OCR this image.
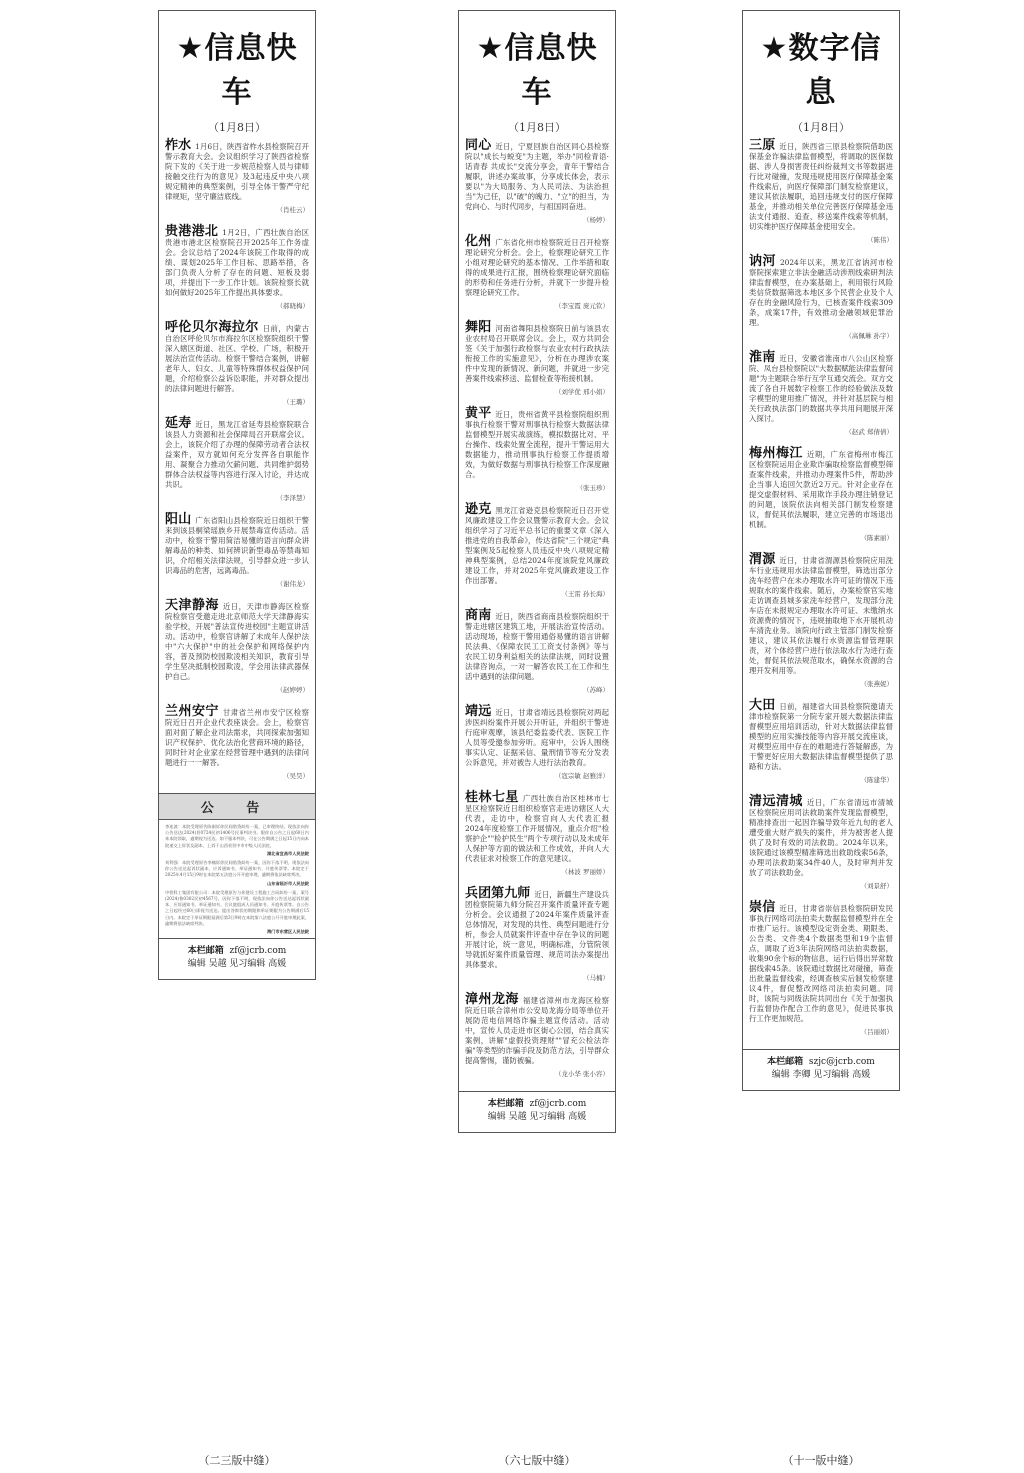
★信息快车
（1月8日）
柞水 1月6日，陕西省柞水县检察院召开警示教育大会。会议组织学习了陕西省检察院下发的《关于进一步规范检察人员与律师接触交往行为的意见》及3起违反中央八项规定精神的典型案例，引导全体干警严守纪律规矩，坚守廉洁底线。
（肖桂云）
贵港港北 1月2日，广西壮族自治区贵港市港北区检察院召开2025年工作务虚会。会议总结了2024年该院工作取得的成绩、谋划2025年工作目标、思路举措，各部门负责人分析了存在的问题、短板及弱项，并提出下一步工作计划。该院检察长就如何做好2025年工作提出具体要求。
（郝晓梅）
呼伦贝尔海拉尔 日前，内蒙古自治区呼伦贝尔市海拉尔区检察院组织干警深入辖区街道、社区、学校、广场，积极开展法治宣传活动。检察干警结合案例，讲解老年人、妇女、儿童等特殊群体权益保护问题，介绍检察公益诉讼职能，并对群众提出的法律问题进行解答。
（王璐）
延寿 近日，黑龙江省延寿县检察院联合该县人力资源和社会保障局召开联席会议。会上，该院介绍了办理的保障劳动者合法权益案件，双方就如何充分发挥各自职能作用、凝聚合力推动欠薪问题、共同维护弱势群体合法权益等内容进行深入讨论，并达成共识。
（李泽慧）
阳山 广东省阳山县检察院近日组织干警来到该县桐梁瑶族乡开展禁毒宣传活动。活动中，检察干警用简洁易懂的语言向群众讲解毒品的种类、如何辨识新型毒品等禁毒知识，介绍相关法律法规，引导群众进一步认识毒品的危害，远离毒品。
（谢伟龙）
天津静海 近日，天津市静海区检察院检察官受邀走进北京师范大学天津静海实验学校，开展"普法宣传进校园"主题宣讲活动。活动中，检察官讲解了未成年人保护法中"六大保护"中的社会保护和网络保护内容，普及预防校园欺凌相关知识，教育引导学生坚决抵制校园欺凌，学会用法律武器保护自己。
（赵婷婷）
兰州安宁 甘肃省兰州市安宁区检察院近日召开企业代表座谈会。会上，检察官面对面了解企业司法需求，共同探索加强知识产权保护、优化法治化营商环境的路径，同时针对企业家在经营管理中遇到的法律问题进行一一解答。
（吴昊）
公 告
李连波：本院受理原告陈刚诉你民间借贷纠纷一案，已审理终结。现依法向你公告送达(2024)晋0724民初1406号民事判决书。限你自公告之日起60日内来本院领取，逾期视为送达。如不服本判决，可在公告期满之日起15日内向本院递交上诉状及副本，上诉于山西省晋中市中级人民法院。
湖北省宜昌市人民法院
刘利强：本院受理原告李楠诉你民间借贷纠纷一案，因你下落不明，现依法向你公告送达起诉状副本、应诉通知书、举证通知书、开庭传票等。本院定于2025年4月15日9时在本院第五法庭公开开庭审理，逾期将依法缺席判决。
山东省临沂市人民法院
中铁科工集团有限公司：本院受理原告与你建设工程施工合同纠纷一案，案号(2024)鲁0302民初4567号，因你下落不明，现依法向你公告送达起诉状副本、应诉通知书、举证通知书、合议庭组成人员通知书、开庭传票等。自公告之日起经过60日即视为送达。提出答辩状的期限和举证期限为公告期满后15日内。本院定于举证期限届满后第3日9时在本院第八法庭公开开庭审理此案，逾期将依法缺席判决。
海门市东营区人民法院
本栏邮箱 zf@jcrb.com
编辑 吴越 见习编辑 高媛
（二三版中缝）
★信息快车
（1月8日）
同心 近日，宁夏回族自治区同心县检察院以"成长与蜕变"为主题，举办"同检青语·话青春 共成长"交流分享会，青年干警结合履职，讲述办案故事，分享成长体会，表示要以"为大局服务、为人民司法、为法治担当"为己任，以"破"的魄力、"立"的担当，为党向心、与时代同步，与祖国同奋进。
（杨婷）
化州 广东省化州市检察院近日召开检察理论研究分析会。会上，检察理论研究工作小组对理论研究的基本情况、工作举措和取得的成果进行汇报，围绕检察理论研究面临的形势和任务进行分析，并就下一步提升检察理论研究工作。
（李宝霞 庞元钦）
舞阳 河南省舞阳县检察院日前与该县农业农村局召开联席会议。会上，双方共同会签《关于加强行政检察与农业农村行政执法衔接工作的实施意见》，分析在办理涉农案件中发现的新情况、新问题，并就进一步完善案件线索移送、监督检查等衔接机制。
（刘学优 邢小娟）
黄平 近日，贵州省黄平县检察院组织刑事执行检察干警对刑事执行检察大数据法律监督模型开展实战演练，模拟数据比对、平台操作、线索处置全流程，提升干警运用大数据能力，推动刑事执行检察工作提质增效，为做好数据与刑事执行检察工作深度融合。
（张玉珍）
逊克 黑龙江省逊克县检察院近日召开党风廉政建设工作会议暨警示教育大会。会议组织学习了习近平总书记的重要文章《深入推进党的自我革命》，传达省院"三个规定"典型案例及5起检察人员违反中央八项规定精神典型案例，总结2024年度该院党风廉政建设工作，并对2025年党风廉政建设工作作出部署。
（王雷 孙长海）
商南 近日，陕西省商南县检察院组织干警走进辖区建筑工地，开展法治宣传活动。活动现场，检察干警用通俗易懂的语言讲解民法典、《保障农民工工资支付条例》等与农民工切身利益相关的法律法规，同时设置法律咨询点，一对一解答农民工在工作和生活中遇到的法律问题。
（苏峰）
靖远 近日，甘肃省靖远县检察院对两起涉医纠纷案件开展公开听证，并组织干警进行庭审观摩，该县纪委监委代表、医院工作人员等受邀参加旁听。庭审中，公诉人围绕事实认定、证据采信、量刑情节等充分发表公诉意见，并对被告人进行法治教育。
（寇宗敏 赵雅洋）
桂林七星 广西壮族自治区桂林市七星区检察院近日组织检察官走进访辖区人大代表，走访中，检察官向人大代表汇报2024年度检察工作开展情况，重点介绍"检察护企""检护民生"两个专项行动以及未成年人保护等方面的做法和工作成效，并向人大代表征求对检察工作的意见建议。
（林波 罗丽娇）
兵团第九师 近日，新疆生产建设兵团检察院第九师分院召开案件质量评查专题分析会。会议通报了2024年案件质量评查总体情况，对发现的共性、典型问题进行分析，参会人员就案件评查中存在争议的问题开展讨论，统一意见，明确标准，分管院领导就抓好案件质量管理、规范司法办案提出具体要求。
（马楠）
漳州龙海 福建省漳州市龙海区检察院近日联合漳州市公安局龙海分局等单位开展防范电信网络诈骗主题宣传活动。活动中，宣传人员走进市区街心公园，结合真实案例，讲解"虚假投资理财""冒充公检法诈骗"等类型的诈骗手段及防范方法，引导群众提高警惕，谨防被骗。
（龙小华 张小容）
本栏邮箱 zf@jcrb.com
编辑 吴越 见习编辑 高媛
（六七版中缝）
★数字信息
（1月8日）
三原 近日，陕西省三原县检察院借助医保基金诈骗法律监督模型，将调取的医保数据、涉人身损害责任纠纷裁判文书等数据进行比对碰撞，发现违规使用医疗保障基金案件线索后，向医疗保障部门制发检察建议，建议其依法履职，追回违规支付的医疗保障基金，并推动相关单位完善医疗保障基金违法支付通报、追查、移送案件线索等机制，切实维护医疗保障基金使用安全。
（陈伟）
讷河 2024年以来，黑龙江省讷河市检察院探索建立非法金融活动涉刑线索研判法律监督模型，在办案基础上，利用银行风险类信贷数据筛选本地区多个民营企业及个人存在的金融风险行为，已核查案件线索309条，成案17件，有效推动金融领域犯罪治理。
（高佩琳 孙宇）
淮南 近日，安徽省淮南市八公山区检察院、凤台县检察院以"大数据赋能法律监督问题"为主题联合举行互学互通交流会。双方交流了各自开展数字检察工作的经验做法及数字模型的建用推广情况，并针对基层院与相关行政执法部门的数据共享共用问题展开深入探讨。
（赵武 郑倩倩）
梅州梅江 近期，广东省梅州市梅江区检察院运用企业欺诈骗取检察监督模型筛查案件线索，并推动办理案件5件，帮助涉企当事人追回欠款近2万元。针对企业存在提交虚假材料、采用欺诈手段办理注销登记的问题，该院依法向相关部门制发检察建议，督促其依法履职，建立完善的市场退出机制。
（陈素丽）
渭源 近日，甘肃省渭源县检察院应用洗车行业违规用水法律监督模型，筛选出部分洗车经营户在未办理取水许可证的情况下违规取水的案件线索。随后，办案检察官实地走访调查县城多家洗车经营户，发现部分洗车店在未报规定办理取水许可证、未缴纳水资源费的情况下，违规抽取地下水开展机动车清洗业务。该院向行政主管部门制发检察建议，建议其依法履行水资源监督管理职责，对个体经营户进行依法取水行为进行查处，督促其依法规范取水，确保水资源的合理开发利用等。
（张燕妮）
大田 日前，福建省大田县检察院邀请天津市检察院第一分院专家开展大数据法律监督模型应用培训活动，针对大数据法律监督模型的应用实操技能等内容开展交流座谈，对模型应用中存在的难题进行答疑解惑，为干警更好应用大数据法律监督模型提供了思路和方法。
（陈建华）
清远清城 近日，广东省清远市清城区检察院应用司法救助案件发现监督模型，精准排查出一起因诈骗导致年近九旬的老人遭受重大财产损失的案件，并为被害老人提供了及时有效的司法救助。2024年以来，该院通过该模型精准筛选出救助线索56条，办理司法救助案34件40人，及时审判并发放了司法救助金。
（刘景舒）
崇信 近日，甘肃省崇信县检察院研发民事执行网络司法拍卖大数据监督模型并在全市推广运行。该模型设定资金类、期限类、公告类、文件类4个数据类型和19个监督点，调取了近3年法院网络司法拍卖数据，收集90余个标的物信息，运行后得出异常数据线索45条。该院通过数据比对碰撞，筛查出批量监督线索，经调查核实后制发检察建议4件，督促整改网络司法拍卖问题。同时，该院与同级法院共同出台《关于加强执行监督协作配合工作的意见》，促进民事执行工作更加规范。
（吕丽娟）
本栏邮箱 szjc@jcrb.com
编辑 李卿 见习编辑 高媛
（十一版中缝）
